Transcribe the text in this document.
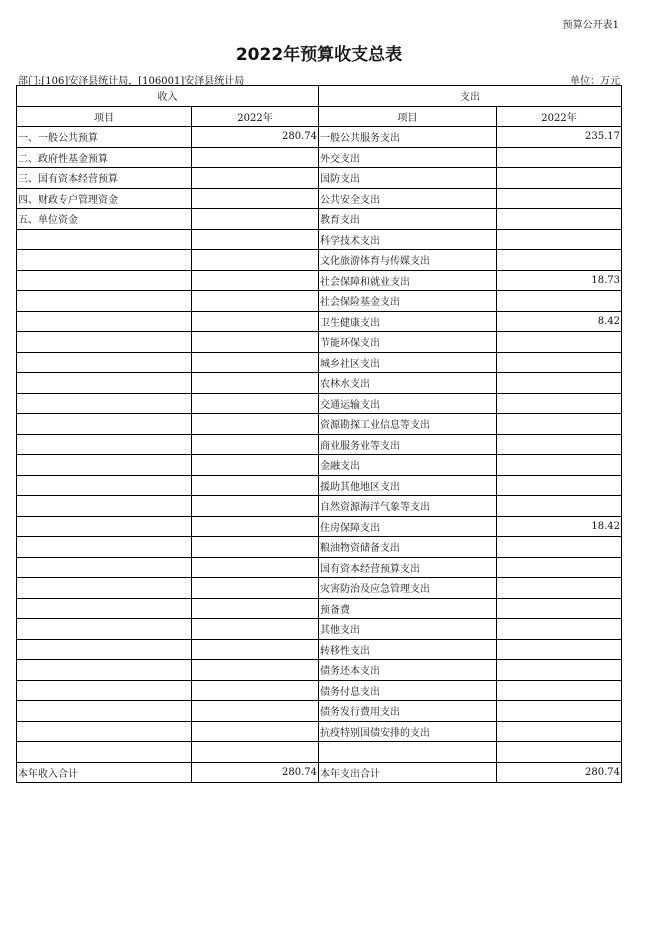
预算公开表1
2022年预算收支总表
部门:[106]安泽县统计局，[106001]安泽县统计局	单位：万元
收入		支出	
项目	2022年	项目	2022年
一、一般公共预算	280.74	一般公共服务支出	235.17
二、政府性基金预算		外交支出	
三、国有资本经营预算		国防支出	
四、财政专户管理资金		公共安全支出	
五、单位资金		教育支出	
		科学技术支出	
		文化旅游体育与传媒支出	
		社会保障和就业支出	18.73
		社会保险基金支出	
		卫生健康支出	8.42
		节能环保支出	
		城乡社区支出	
		农林水支出	
		交通运输支出	
		资源勘探工业信息等支出	
		商业服务业等支出	
		金融支出	
		援助其他地区支出	
		自然资源海洋气象等支出	
		住房保障支出	18.42
		粮油物资储备支出	
		国有资本经营预算支出	
		灾害防治及应急管理支出	
		预备费	
		其他支出	
		转移性支出	
		债务还本支出	
		债务付息支出	
		债务发行费用支出	
		抗疫特别国债安排的支出	

本年收入合计	280.74	本年支出合计	280.74
